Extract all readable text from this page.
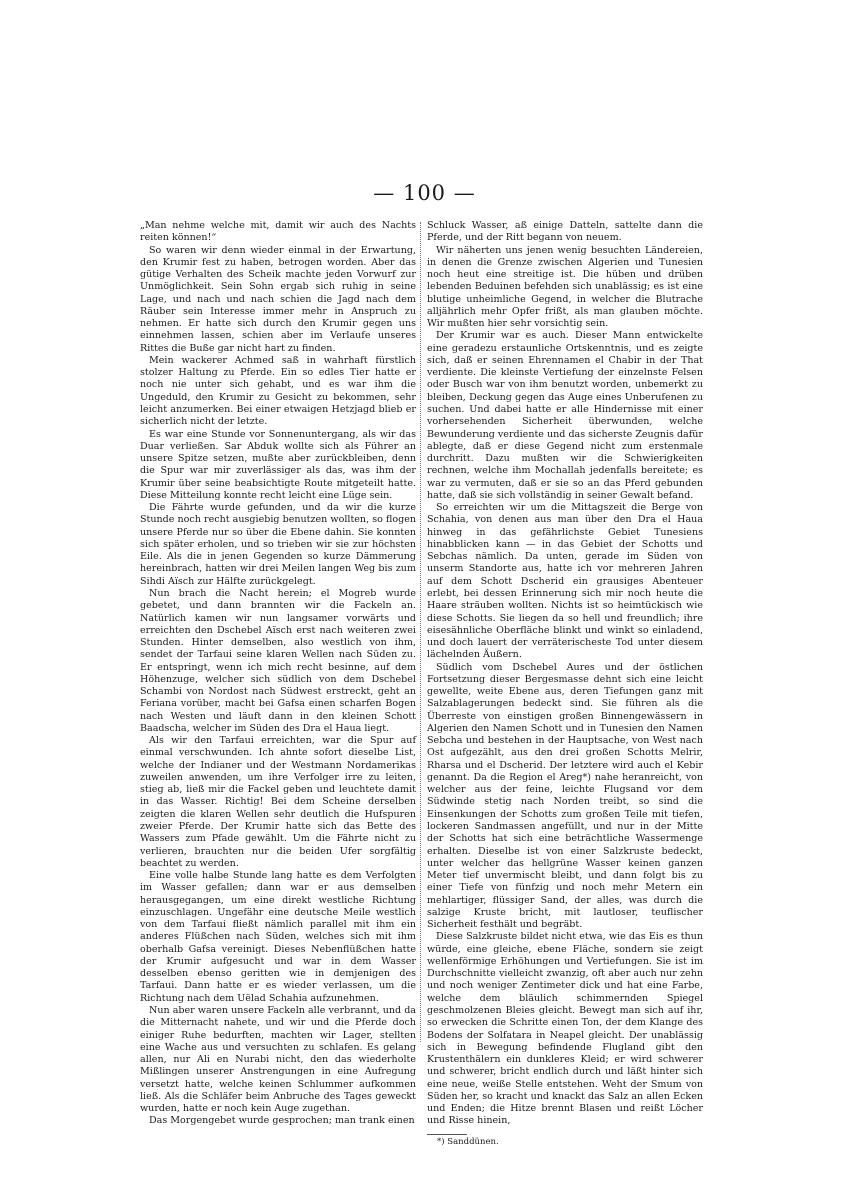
— 100 —

„Man nehme welche mit, damit wir auch des Nachts reiten können!“

So waren wir denn wieder einmal in der Erwartung, den Krumir fest zu haben, betrogen worden. Aber das gütige Verhalten des Scheik machte jeden Vorwurf zur Unmöglichkeit. Sein Sohn ergab sich ruhig in seine Lage, und nach und nach schien die Jagd nach dem Räuber sein Interesse immer mehr in Anspruch zu nehmen. Er hatte sich durch den Krumir gegen uns einnehmen lassen, schien aber im Verlaufe unseres Rittes die Buße gar nicht hart zu finden.

Mein wackerer Achmed saß in wahrhaft fürstlich stolzer Haltung zu Pferde. Ein so edles Tier hatte er noch nie unter sich gehabt, und es war ihm die Ungeduld, den Krumir zu Gesicht zu bekommen, sehr leicht anzumerken. Bei einer etwaigen Hetzjagd blieb er sicherlich nicht der letzte.

Es war eine Stunde vor Sonnenuntergang, als wir das Duar verließen. Sar Abduk wollte sich als Führer an unsere Spitze setzen, mußte aber zurückbleiben, denn die Spur war mir zuverlässiger als das, was ihm der Krumir über seine beabsichtigte Route mitgeteilt hatte. Diese Mitteilung konnte recht leicht eine Lüge sein.

Die Fährte wurde gefunden, und da wir die kurze Stunde noch recht ausgiebig benutzen wollten, so flogen unsere Pferde nur so über die Ebene dahin. Sie konnten sich später erholen, und so trieben wir sie zur höchsten Eile. Als die in jenen Gegenden so kurze Dämmerung hereinbrach, hatten wir drei Meilen langen Weg bis zum Sihdi Aïsch zur Hälfte zurückgelegt.

Nun brach die Nacht herein; el Mogreb wurde gebetet, und dann brannten wir die Fackeln an. Natürlich kamen wir nun langsamer vorwärts und erreichten den Dschebel Aïsch erst nach weiteren zwei Stunden. Hinter demselben, also westlich von ihm, sendet der Tarfaui seine klaren Wellen nach Süden zu. Er entspringt, wenn ich mich recht besinne, auf dem Höhenzuge, welcher sich südlich von dem Dschebel Schambi von Nordost nach Südwest erstreckt, geht an Feriana vorüber, macht bei Gafsa einen scharfen Bogen nach Westen und läuft dann in den kleinen Schott Baadscha, welcher im Süden des Dra el Haua liegt.

Als wir den Tarfaui erreichten, war die Spur auf einmal verschwunden. Ich ahnte sofort dieselbe List, welche der Indianer und der Westmann Nordamerikas zuweilen anwenden, um ihre Verfolger irre zu leiten, stieg ab, ließ mir die Fackel geben und leuchtete damit in das Wasser. Richtig! Bei dem Scheine derselben zeigten die klaren Wellen sehr deutlich die Hufspuren zweier Pferde. Der Krumir hatte sich das Bette des Wassers zum Pfade gewählt. Um die Fährte nicht zu verlieren, brauchten nur die beiden Ufer sorgfältig beachtet zu werden.

Eine volle halbe Stunde lang hatte es dem Verfolgten im Wasser gefallen; dann war er aus demselben herausgegangen, um eine direkt westliche Richtung einzuschlagen. Ungefähr eine deutsche Meile westlich von dem Tarfaui fließt nämlich parallel mit ihm ein anderes Flüßchen nach Süden, welches sich mit ihm oberhalb Gafsa vereinigt. Dieses Nebenflüßchen hatte der Krumir aufgesucht und war in dem Wasser desselben ebenso geritten wie in demjenigen des Tarfaui. Dann hatte er es wieder verlassen, um die Richtung nach dem Uëlad Schahia aufzunehmen.

Nun aber waren unsere Fackeln alle verbrannt, und da die Mitternacht nahete, und wir und die Pferde doch einiger Ruhe bedurften, machten wir Lager, stellten eine Wache aus und versuchten zu schlafen. Es gelang allen, nur Ali en Nurabi nicht, den das wiederholte Mißlingen unserer Anstrengungen in eine Aufregung versetzt hatte, welche keinen Schlummer aufkommen ließ. Als die Schläfer beim Anbruche des Tages geweckt wurden, hatte er noch kein Auge zugethan.

Das Morgengebet wurde gesprochen; man trank einen

Schluck Wasser, aß einige Datteln, sattelte dann die Pferde, und der Ritt begann von neuem.

Wir näherten uns jenen wenig besuchten Ländereien, in denen die Grenze zwischen Algerien und Tunesien noch heut eine streitige ist. Die hüben und drüben lebenden Beduinen befehden sich unablässig; es ist eine blutige unheimliche Gegend, in welcher die Blutrache alljährlich mehr Opfer frißt, als man glauben möchte. Wir mußten hier sehr vorsichtig sein.

Der Krumir war es auch. Dieser Mann entwickelte eine geradezu erstaunliche Ortskenntnis, und es zeigte sich, daß er seinen Ehrennamen el Chabir in der That verdiente. Die kleinste Vertiefung der einzelnste Felsen oder Busch war von ihm benutzt worden, unbemerkt zu bleiben, Deckung gegen das Auge eines Unberufenen zu suchen. Und dabei hatte er alle Hindernisse mit einer vorhersehenden Sicherheit überwunden, welche Bewunderung verdiente und das sicherste Zeugnis dafür ablegte, daß er diese Gegend nicht zum erstenmale durchritt. Dazu mußten wir die Schwierigkeiten rechnen, welche ihm Mochallah jedenfalls bereitete; es war zu vermuten, daß er sie so an das Pferd gebunden hatte, daß sie sich vollständig in seiner Gewalt befand.

So erreichten wir um die Mittagszeit die Berge von Schahia, von denen aus man über den Dra el Haua hinweg in das gefährlichste Gebiet Tunesiens hinabblicken kann — in das Gebiet der Schotts und Sebchas nämlich. Da unten, gerade im Süden von unserm Standorte aus, hatte ich vor mehreren Jahren auf dem Schott Dscherid ein grausiges Abenteuer erlebt, bei dessen Erinnerung sich mir noch heute die Haare sträuben wollten. Nichts ist so heimtückisch wie diese Schotts. Sie liegen da so hell und freundlich; ihre eisesähnliche Oberfläche blinkt und winkt so einladend, und doch lauert der verräterischeste Tod unter diesem lächelnden Äußern.

Südlich vom Dschebel Aures und der östlichen Fortsetzung dieser Bergesmasse dehnt sich eine leicht gewellte, weite Ebene aus, deren Tiefungen ganz mit Salzablagerungen bedeckt sind. Sie führen als die Überreste von einstigen großen Binnengewässern in Algerien den Namen Schott und in Tunesien den Namen Sebcha und bestehen in der Hauptsache, von West nach Ost aufgezählt, aus den drei großen Schotts Melrir, Rharsa und el Dscherid. Der letztere wird auch el Kebir genannt. Da die Region el Areg*) nahe heranreicht, von welcher aus der feine, leichte Flugsand vor dem Südwinde stetig nach Norden treibt, so sind die Einsenkungen der Schotts zum großen Teile mit tiefen, lockeren Sandmassen angefüllt, und nur in der Mitte der Schotts hat sich eine beträchtliche Wassermenge erhalten. Dieselbe ist von einer Salzkruste bedeckt, unter welcher das hellgrüne Wasser keinen ganzen Meter tief unvermischt bleibt, und dann folgt bis zu einer Tiefe von fünfzig und noch mehr Metern ein mehlartiger, flüssiger Sand, der alles, was durch die salzige Kruste bricht, mit lautloser, teuflischer Sicherheit festhält und begräbt.

Diese Salzkruste bildet nicht etwa, wie das Eis es thun würde, eine gleiche, ebene Fläche, sondern sie zeigt wellenförmige Erhöhungen und Vertiefungen. Sie ist im Durchschnitte vielleicht zwanzig, oft aber auch nur zehn und noch weniger Zentimeter dick und hat eine Farbe, welche dem bläulich schimmernden Spiegel geschmolzenen Bleies gleicht. Bewegt man sich auf ihr, so erwecken die Schritte einen Ton, der dem Klange des Bodens der Solfatara in Neapel gleicht. Der unablässig sich in Bewegung befindende Flugland gibt den Krustenthälern ein dunkleres Kleid; er wird schwerer und schwerer, bricht endlich durch und läßt hinter sich eine neue, weiße Stelle entstehen. Weht der Smum von Süden her, so kracht und knackt das Salz an allen Ecken und Enden; die Hitze brennt Blasen und reißt Löcher und Risse hinein,

*) Sanddünen.
